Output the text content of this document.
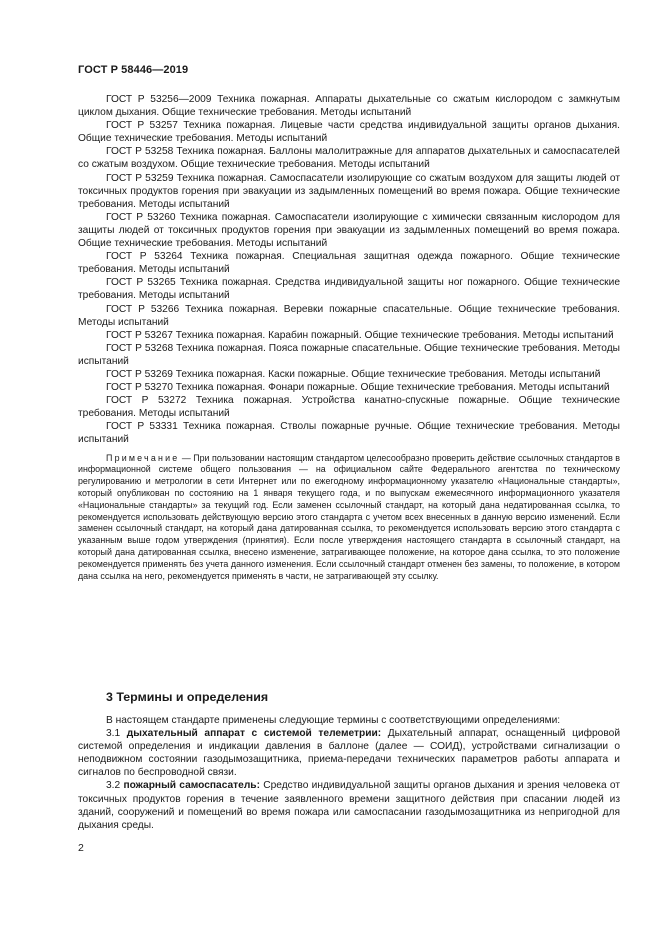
ГОСТ Р 58446—2019

ГОСТ Р 53256—2009 Техника пожарная. Аппараты дыхательные со сжатым кислородом с замкнутым циклом дыхания. Общие технические требования. Методы испытаний

ГОСТ Р 53257 Техника пожарная. Лицевые части средства индивидуальной защиты органов дыхания. Общие технические требования. Методы испытаний

ГОСТ Р 53258 Техника пожарная. Баллоны малолитражные для аппаратов дыхательных и самоспасателей со сжатым воздухом. Общие технические требования. Методы испытаний

ГОСТ Р 53259 Техника пожарная. Самоспасатели изолирующие со сжатым воздухом для защиты людей от токсичных продуктов горения при эвакуации из задымленных помещений во время пожара. Общие технические требования. Методы испытаний

ГОСТ Р 53260 Техника пожарная. Самоспасатели изолирующие с химически связанным кислородом для защиты людей от токсичных продуктов горения при эвакуации из задымленных помещений во время пожара. Общие технические требования. Методы испытаний

ГОСТ Р 53264 Техника пожарная. Специальная защитная одежда пожарного. Общие технические требования. Методы испытаний

ГОСТ Р 53265 Техника пожарная. Средства индивидуальной защиты ног пожарного. Общие технические требования. Методы испытаний

ГОСТ Р 53266 Техника пожарная. Веревки пожарные спасательные. Общие технические требования. Методы испытаний

ГОСТ Р 53267 Техника пожарная. Карабин пожарный. Общие технические требования. Методы испытаний

ГОСТ Р 53268 Техника пожарная. Пояса пожарные спасательные. Общие технические требования. Методы испытаний

ГОСТ Р 53269 Техника пожарная. Каски пожарные. Общие технические требования. Методы испытаний

ГОСТ Р 53270 Техника пожарная. Фонари пожарные. Общие технические требования. Методы испытаний

ГОСТ Р 53272 Техника пожарная. Устройства канатно-спускные пожарные. Общие технические требования. Методы испытаний

ГОСТ Р 53331 Техника пожарная. Стволы пожарные ручные. Общие технические требования. Методы испытаний

Примечание — При пользовании настоящим стандартом целесообразно проверить действие ссылочных стандартов в информационной системе общего пользования — на официальном сайте Федерального агентства по техническому регулированию и метрологии в сети Интернет или по ежегодному информационному указателю «Национальные стандарты», который опубликован по состоянию на 1 января текущего года, и по выпускам ежемесячного информационного указателя «Национальные стандарты» за текущий год. Если заменен ссылочный стандарт, на который дана недатированная ссылка, то рекомендуется использовать действующую версию этого стандарта с учетом всех внесенных в данную версию изменений. Если заменен ссылочный стандарт, на который дана датированная ссылка, то рекомендуется использовать версию этого стандарта с указанным выше годом утверждения (принятия). Если после утверждения настоящего стандарта в ссылочный стандарт, на который дана датированная ссылка, внесено изменение, затрагивающее положение, на которое дана ссылка, то это положение рекомендуется применять без учета данного изменения. Если ссылочный стандарт отменен без замены, то положение, в котором дана ссылка на него, рекомендуется применять в части, не затрагивающей эту ссылку.

3 Термины и определения

В настоящем стандарте применены следующие термины с соответствующими определениями:

3.1 дыхательный аппарат с системой телеметрии: Дыхательный аппарат, оснащенный цифровой системой определения и индикации давления в баллоне (далее — СОИД), устройствами сигнализации о неподвижном состоянии газодымозащитника, приема-передачи технических параметров работы аппарата и сигналов по беспроводной связи.

3.2 пожарный самоспасатель: Средство индивидуальной защиты органов дыхания и зрения человека от токсичных продуктов горения в течение заявленного времени защитного действия при спасании людей из зданий, сооружений и помещений во время пожара или самоспасании газодымозащитника из непригодной для дыхания среды.

2
